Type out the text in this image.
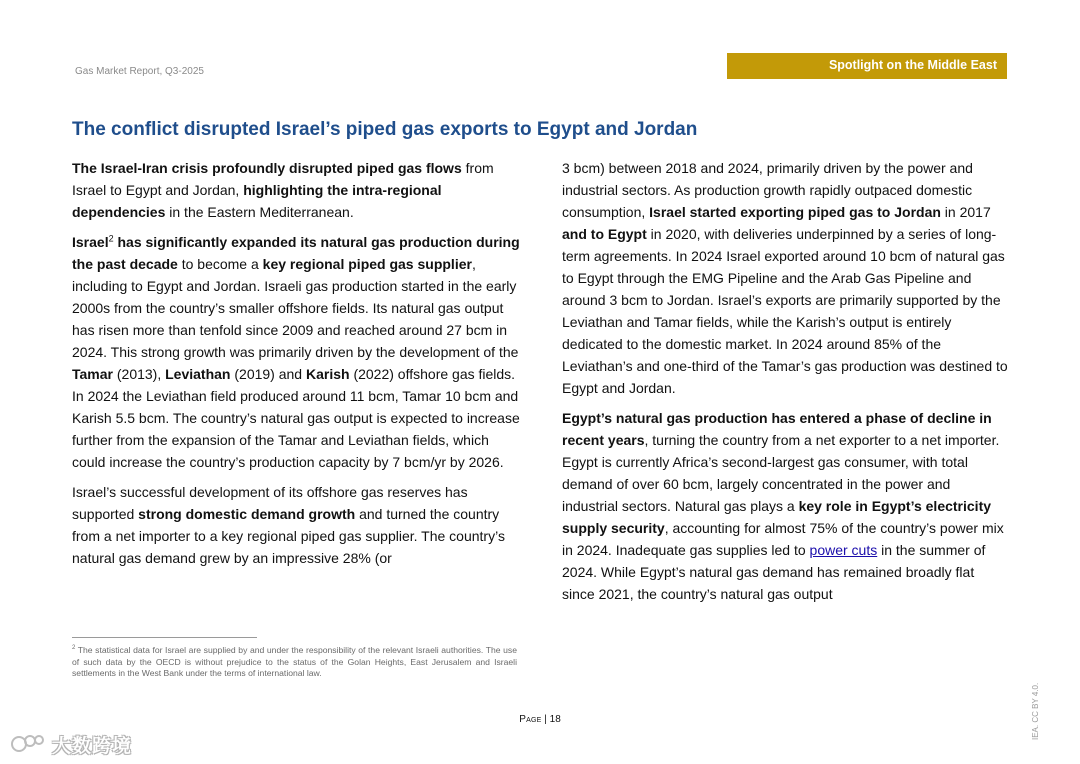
Gas Market Report, Q3-2025	Spotlight on the Middle East
The conflict disrupted Israel’s piped gas exports to Egypt and Jordan

The Israel-Iran crisis profoundly disrupted piped gas flows from Israel to Egypt and Jordan, highlighting the intra-regional dependencies in the Eastern Mediterranean.

Israel$^2$ has significantly expanded its natural gas production during the past decade to become a key regional piped gas supplier, including to Egypt and Jordan. Israeli gas production started in the early 2000s from the country’s smaller offshore fields. Its natural gas output has risen more than tenfold since 2009 and reached around 27 bcm in 2024. This strong growth was primarily driven by the development of the Tamar (2013), Leviathan (2019) and Karish (2022) offshore gas fields. In 2024 the Leviathan field produced around 11 bcm, Tamar 10 bcm and Karish 5.5 bcm. The country’s natural gas output is expected to increase further from the expansion of the Tamar and Leviathan fields, which could increase the country’s production capacity by 7 bcm/yr by 2026.

Israel’s successful development of its offshore gas reserves has supported strong domestic demand growth and turned the country from a net importer to a key regional piped gas supplier. The country’s natural gas demand grew by an impressive 28% (or

3 bcm) between 2018 and 2024, primarily driven by the power and industrial sectors. As production growth rapidly outpaced domestic consumption, Israel started exporting piped gas to Jordan in 2017 and to Egypt in 2020, with deliveries underpinned by a series of long-term agreements. In 2024 Israel exported around 10 bcm of natural gas to Egypt through the EMG Pipeline and the Arab Gas Pipeline and around 3 bcm to Jordan. Israel’s exports are primarily supported by the Leviathan and Tamar fields, while the Karish’s output is entirely dedicated to the domestic market. In 2024 around 85% of the Leviathan’s and one-third of the Tamar’s gas production was destined to Egypt and Jordan.

Egypt’s natural gas production has entered a phase of decline in recent years, turning the country from a net exporter to a net importer. Egypt is currently Africa’s second-largest gas consumer, with total demand of over 60 bcm, largely concentrated in the power and industrial sectors. Natural gas plays a key role in Egypt’s electricity supply security, accounting for almost 75% of the country’s power mix in 2024. Inadequate gas supplies led to power cuts in the summer of 2024. While Egypt’s natural gas demand has remained broadly flat since 2021, the country’s natural gas output

$^2$ The statistical data for Israel are supplied by and under the responsibility of the relevant Israeli authorities. The use of such data by the OECD is without prejudice to the status of the Golan Heights, East Jerusalem and Israeli settlements in the West Bank under the terms of international law.
Page | 18	IEA. CC BY 4.0.
大数跨境
